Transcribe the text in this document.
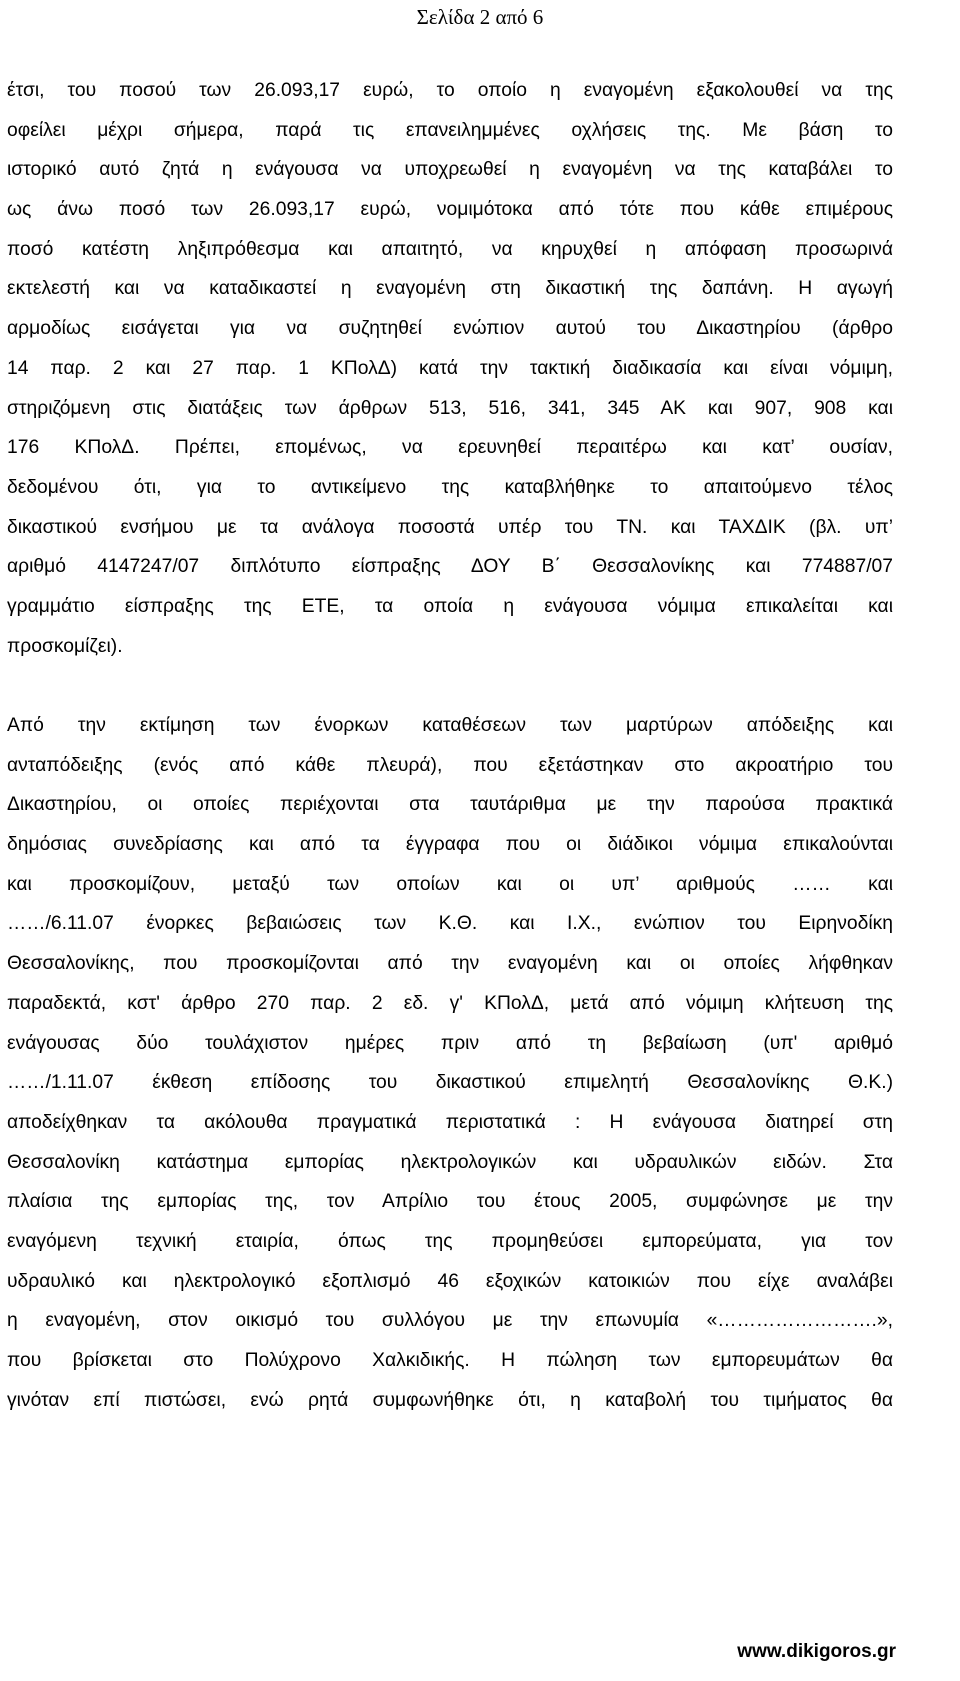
Σελίδα 2 από 6
έτσι, του ποσού των 26.093,17 ευρώ, το οποίο η εναγομένη εξακολουθεί να της
οφείλει μέχρι σήμερα, παρά τις επανειλημμένες οχλήσεις της. Με βάση το
ιστορικό αυτό ζητά η ενάγουσα να υποχρεωθεί η εναγομένη να της καταβάλει το
ως άνω ποσό των 26.093,17 ευρώ, νομιμότοκα από τότε που κάθε επιμέρους
ποσό κατέστη ληξιπρόθεσμα και απαιτητό, να κηρυχθεί η απόφαση προσωρινά
εκτελεστή και να καταδικαστεί η εναγομένη στη δικαστική της δαπάνη. Η αγωγή
αρμοδίως εισάγεται για να συζητηθεί ενώπιον αυτού του Δικαστηρίου (άρθρο
14 παρ. 2 και 27 παρ. 1 ΚΠολΔ) κατά την τακτική διαδικασία και είναι νόμιμη,
στηριζόμενη στις διατάξεις των άρθρων 513, 516, 341, 345 ΑΚ και 907, 908 και
176 ΚΠολΔ. Πρέπει, επομένως, να ερευνηθεί περαιτέρω και κατ’ ουσίαν,
δεδομένου ότι, για το αντικείμενο της καταβλήθηκε το απαιτούμενο τέλος
δικαστικού ενσήμου με τα ανάλογα ποσοστά υπέρ του ΤΝ. και ΤΑΧΔΙΚ (βλ. υπ’
αριθμό 4147247/07 διπλότυπο είσπραξης ΔΟΥ Β΄ Θεσσαλονίκης και 774887/07
γραμμάτιο είσπραξης της ΕΤΕ, τα οποία η ενάγουσα νόμιμα επικαλείται και
προσκομίζει).
Από την εκτίμηση των ένορκων καταθέσεων των μαρτύρων απόδειξης και
ανταπόδειξης (ενός από κάθε πλευρά), που εξετάστηκαν στο ακροατήριο του
Δικαστηρίου, οι οποίες περιέχονται στα ταυτάριθμα με την παρούσα πρακτικά
δημόσιας συνεδρίασης και από τα έγγραφα που οι διάδικοι νόμιμα επικαλούνται
και προσκομίζουν, μεταξύ των οποίων και οι υπ’ αριθμούς …… και
……/6.11.07 ένορκες βεβαιώσεις των Κ.Θ. και Ι.Χ., ενώπιον του Ειρηνοδίκη
Θεσσαλονίκης, που προσκομίζονται από την εναγομένη και οι οποίες λήφθηκαν
παραδεκτά, κστ' άρθρο 270 παρ. 2 εδ. γ' ΚΠολΔ, μετά από νόμιμη κλήτευση της
ενάγουσας δύο τουλάχιστον ημέρες πριν από τη βεβαίωση (υπ' αριθμό
……/1.11.07 έκθεση επίδοσης του δικαστικού επιμελητή Θεσσαλονίκης Θ.Κ.)
αποδείχθηκαν τα ακόλουθα πραγματικά περιστατικά : Η ενάγουσα διατηρεί στη
Θεσσαλονίκη κατάστημα εμπορίας ηλεκτρολογικών και υδραυλικών ειδών. Στα
πλαίσια της εμπορίας της, τον Απρίλιο του έτους 2005, συμφώνησε με την
εναγόμενη τεχνική εταιρία, όπως της προμηθεύσει εμπορεύματα, για τον
υδραυλικό και ηλεκτρολογικό εξοπλισμό 46 εξοχικών κατοικιών που είχε αναλάβει
η εναγομένη, στον οικισμό του συλλόγου με την επωνυμία «…………………….»,
που βρίσκεται στο Πολύχρονο Χαλκιδικής. Η πώληση των εμπορευμάτων θα
γινόταν επί πιστώσει, ενώ ρητά συμφωνήθηκε ότι, η καταβολή του τιμήματος θα
www.dikigoros.gr
